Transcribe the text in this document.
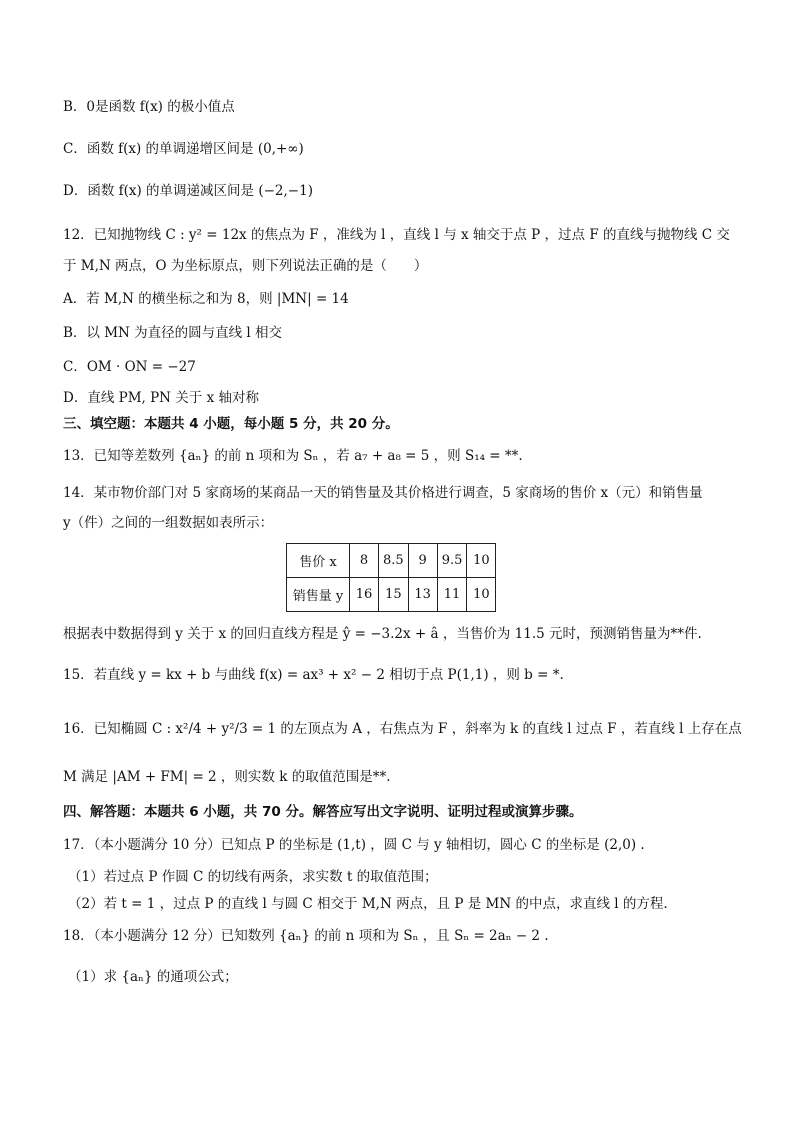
B．0是函数 f(x) 的极小值点
C．函数 f(x) 的单调递增区间是 (0,+∞)
D．函数 f(x) 的单调递减区间是 (−2,−1)
12．已知抛物线 C : y² = 12x 的焦点为 F ，准线为 l ，直线 l 与 x 轴交于点 P ，过点 F 的直线与抛物线 C 交
于 M,N 两点，O 为坐标原点，则下列说法正确的是（　　）
A．若 M,N 的横坐标之和为 8，则 |MN| = 14
B．以 MN 为直径的圆与直线 l 相交
C．OM · ON = −27
D．直线 PM, PN 关于 x 轴对称
三、填空题：本题共 4 小题，每小题 5 分，共 20 分。
13．已知等差数列 {aₙ} 的前 n 项和为 Sₙ ，若 a₇ + a₈ = 5 ，则 S₁₄ = **.
14．某市物价部门对 5 家商场的某商品一天的销售量及其价格进行调查，5 家商场的售价 x（元）和销售量
y（件）之间的一组数据如表所示：
售价 x	8	8.5	9	9.5	10
销售量 y	16	15	13	11	10
根据表中数据得到 y 关于 x 的回归直线方程是 ŷ = −3.2x + â ，当售价为 11.5 元时，预测销售量为**件.
15．若直线 y = kx + b 与曲线 f(x) = ax³ + x² − 2 相切于点 P(1,1) ，则 b = *.
16．已知椭圆 C : x²/4 + y²/3 = 1 的左顶点为 A ，右焦点为 F ，斜率为 k 的直线 l 过点 F ，若直线 l 上存在点
M 满足 |AM + FM| = 2 ，则实数 k 的取值范围是**.
四、解答题：本题共 6 小题，共 70 分。解答应写出文字说明、证明过程或演算步骤。
17．（本小题满分 10 分）已知点 P 的坐标是 (1,t) ，圆 C 与 y 轴相切，圆心 C 的坐标是 (2,0) .
（1）若过点 P 作圆 C 的切线有两条，求实数 t 的取值范围；
（2）若 t = 1 ，过点 P 的直线 l 与圆 C 相交于 M,N 两点，且 P 是 MN 的中点，求直线 l 的方程.
18．（本小题满分 12 分）已知数列 {aₙ} 的前 n 项和为 Sₙ ，且 Sₙ = 2aₙ − 2 .
（1）求 {aₙ} 的通项公式；
